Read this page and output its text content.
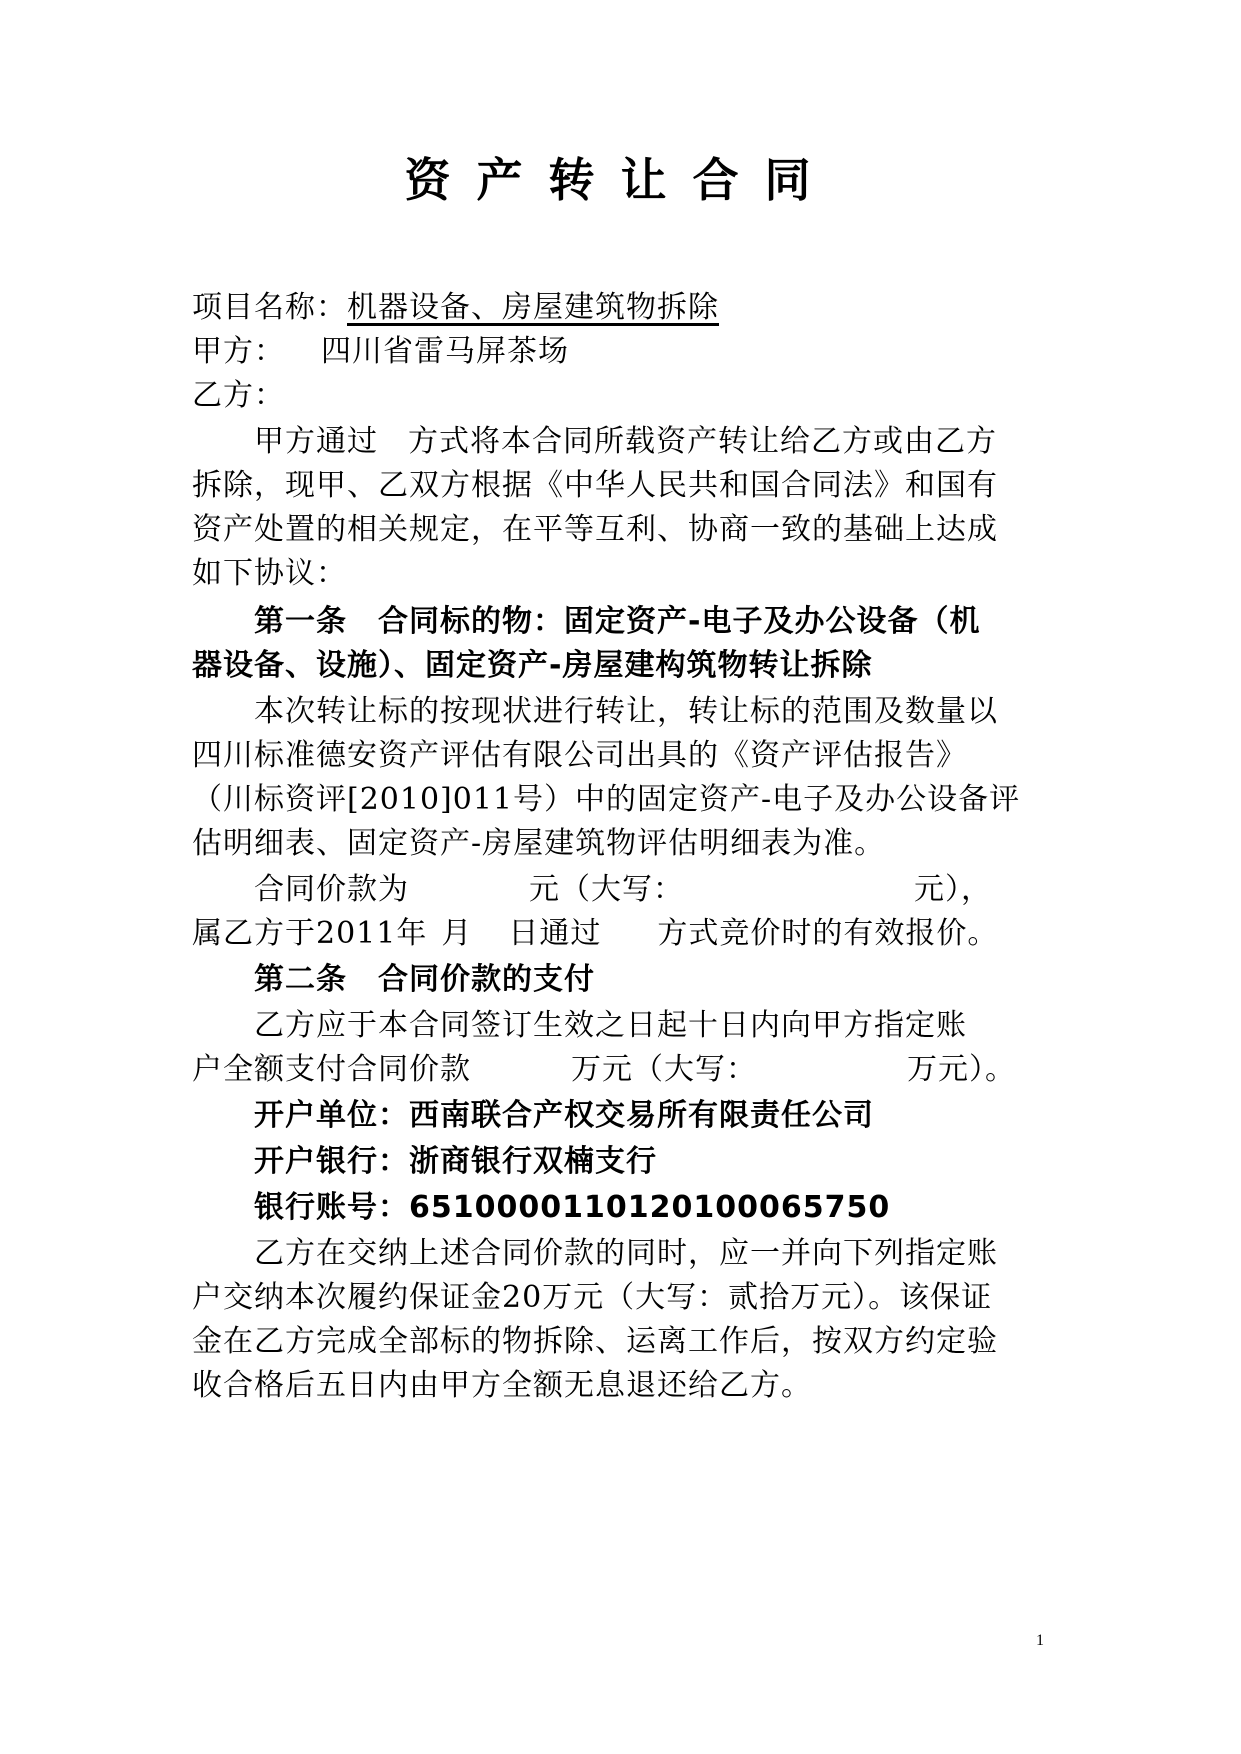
资产转让合同
项目名称：机器设备、房屋建筑物拆除
甲方： 四川省雷马屏茶场
乙方：
甲方通过 方式将本合同所载资产转让给乙方或由乙方
拆除，现甲、乙双方根据《中华人民共和国合同法》和国有
资产处置的相关规定，在平等互利、协商一致的基础上达成
如下协议：
第一条　合同标的物：固定资产-电子及办公设备（机
器设备、设施）、固定资产-房屋建构筑物转让拆除
本次转让标的按现状进行转让，转让标的范围及数量以
四川标准德安资产评估有限公司出具的《资产评估报告》
（川标资评[2010]011号）中的固定资产-电子及办公设备评
估明细表、固定资产-房屋建筑物评估明细表为准。
合同价款为	元（大写：	元），
属乙方于2011年 月 日通过 方式竞价时的有效报价。
第二条　合同价款的支付
乙方应于本合同签订生效之日起十日内向甲方指定账
户全额支付合同价款	万元（大写：	万元）。
开户单位：西南联合产权交易所有限责任公司
开户银行：浙商银行双楠支行
银行账号：651000011012010006575​0
乙方在交纳上述合同价款的同时，应一并向下列指定账
户交纳本次履约保证金20万元（大写：贰拾万元）。该保证
金在乙方完成全部标的物拆除、运离工作后，按双方约定验
收合格后五日内由甲方全额无息退还给乙方。
1
